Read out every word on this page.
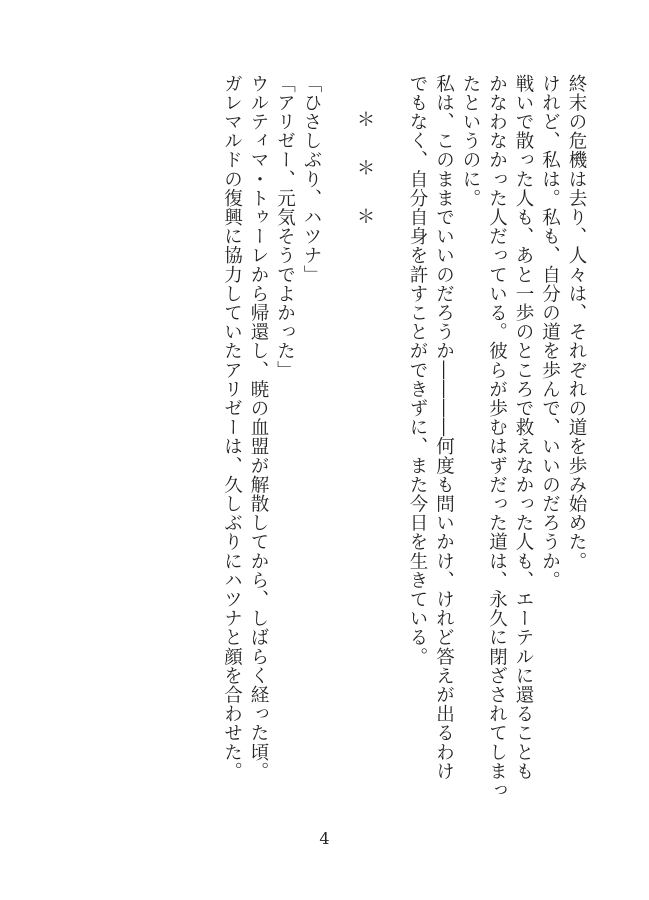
終末の危機は去り、人々は、それぞれの道を歩み始めた。

けれど、私は。私も、自分の道を歩んで、いいのだろうか。

戦いで散った人も、あと一歩のところで救えなかった人も、エーテルに還ることも

かなわなかった人だっている。彼らが歩むはずだった道は、永久に閉ざされてしまっ

たというのに。

私は、このままでいいのだろうか――――何度も問いかけ、けれど答えが出るわけ

でもなく、自分自身を許すことができずに、また今日を生きている。

＊＊＊

「ひさしぶり、ハツナ」

「アリゼー、元気そうでよかった」

ウルティマ・トゥーレから帰還し、暁の血盟が解散してから、しばらく経った頃。

ガレマルドの復興に協力していたアリゼーは、久しぶりにハツナと顔を合わせた。

4
